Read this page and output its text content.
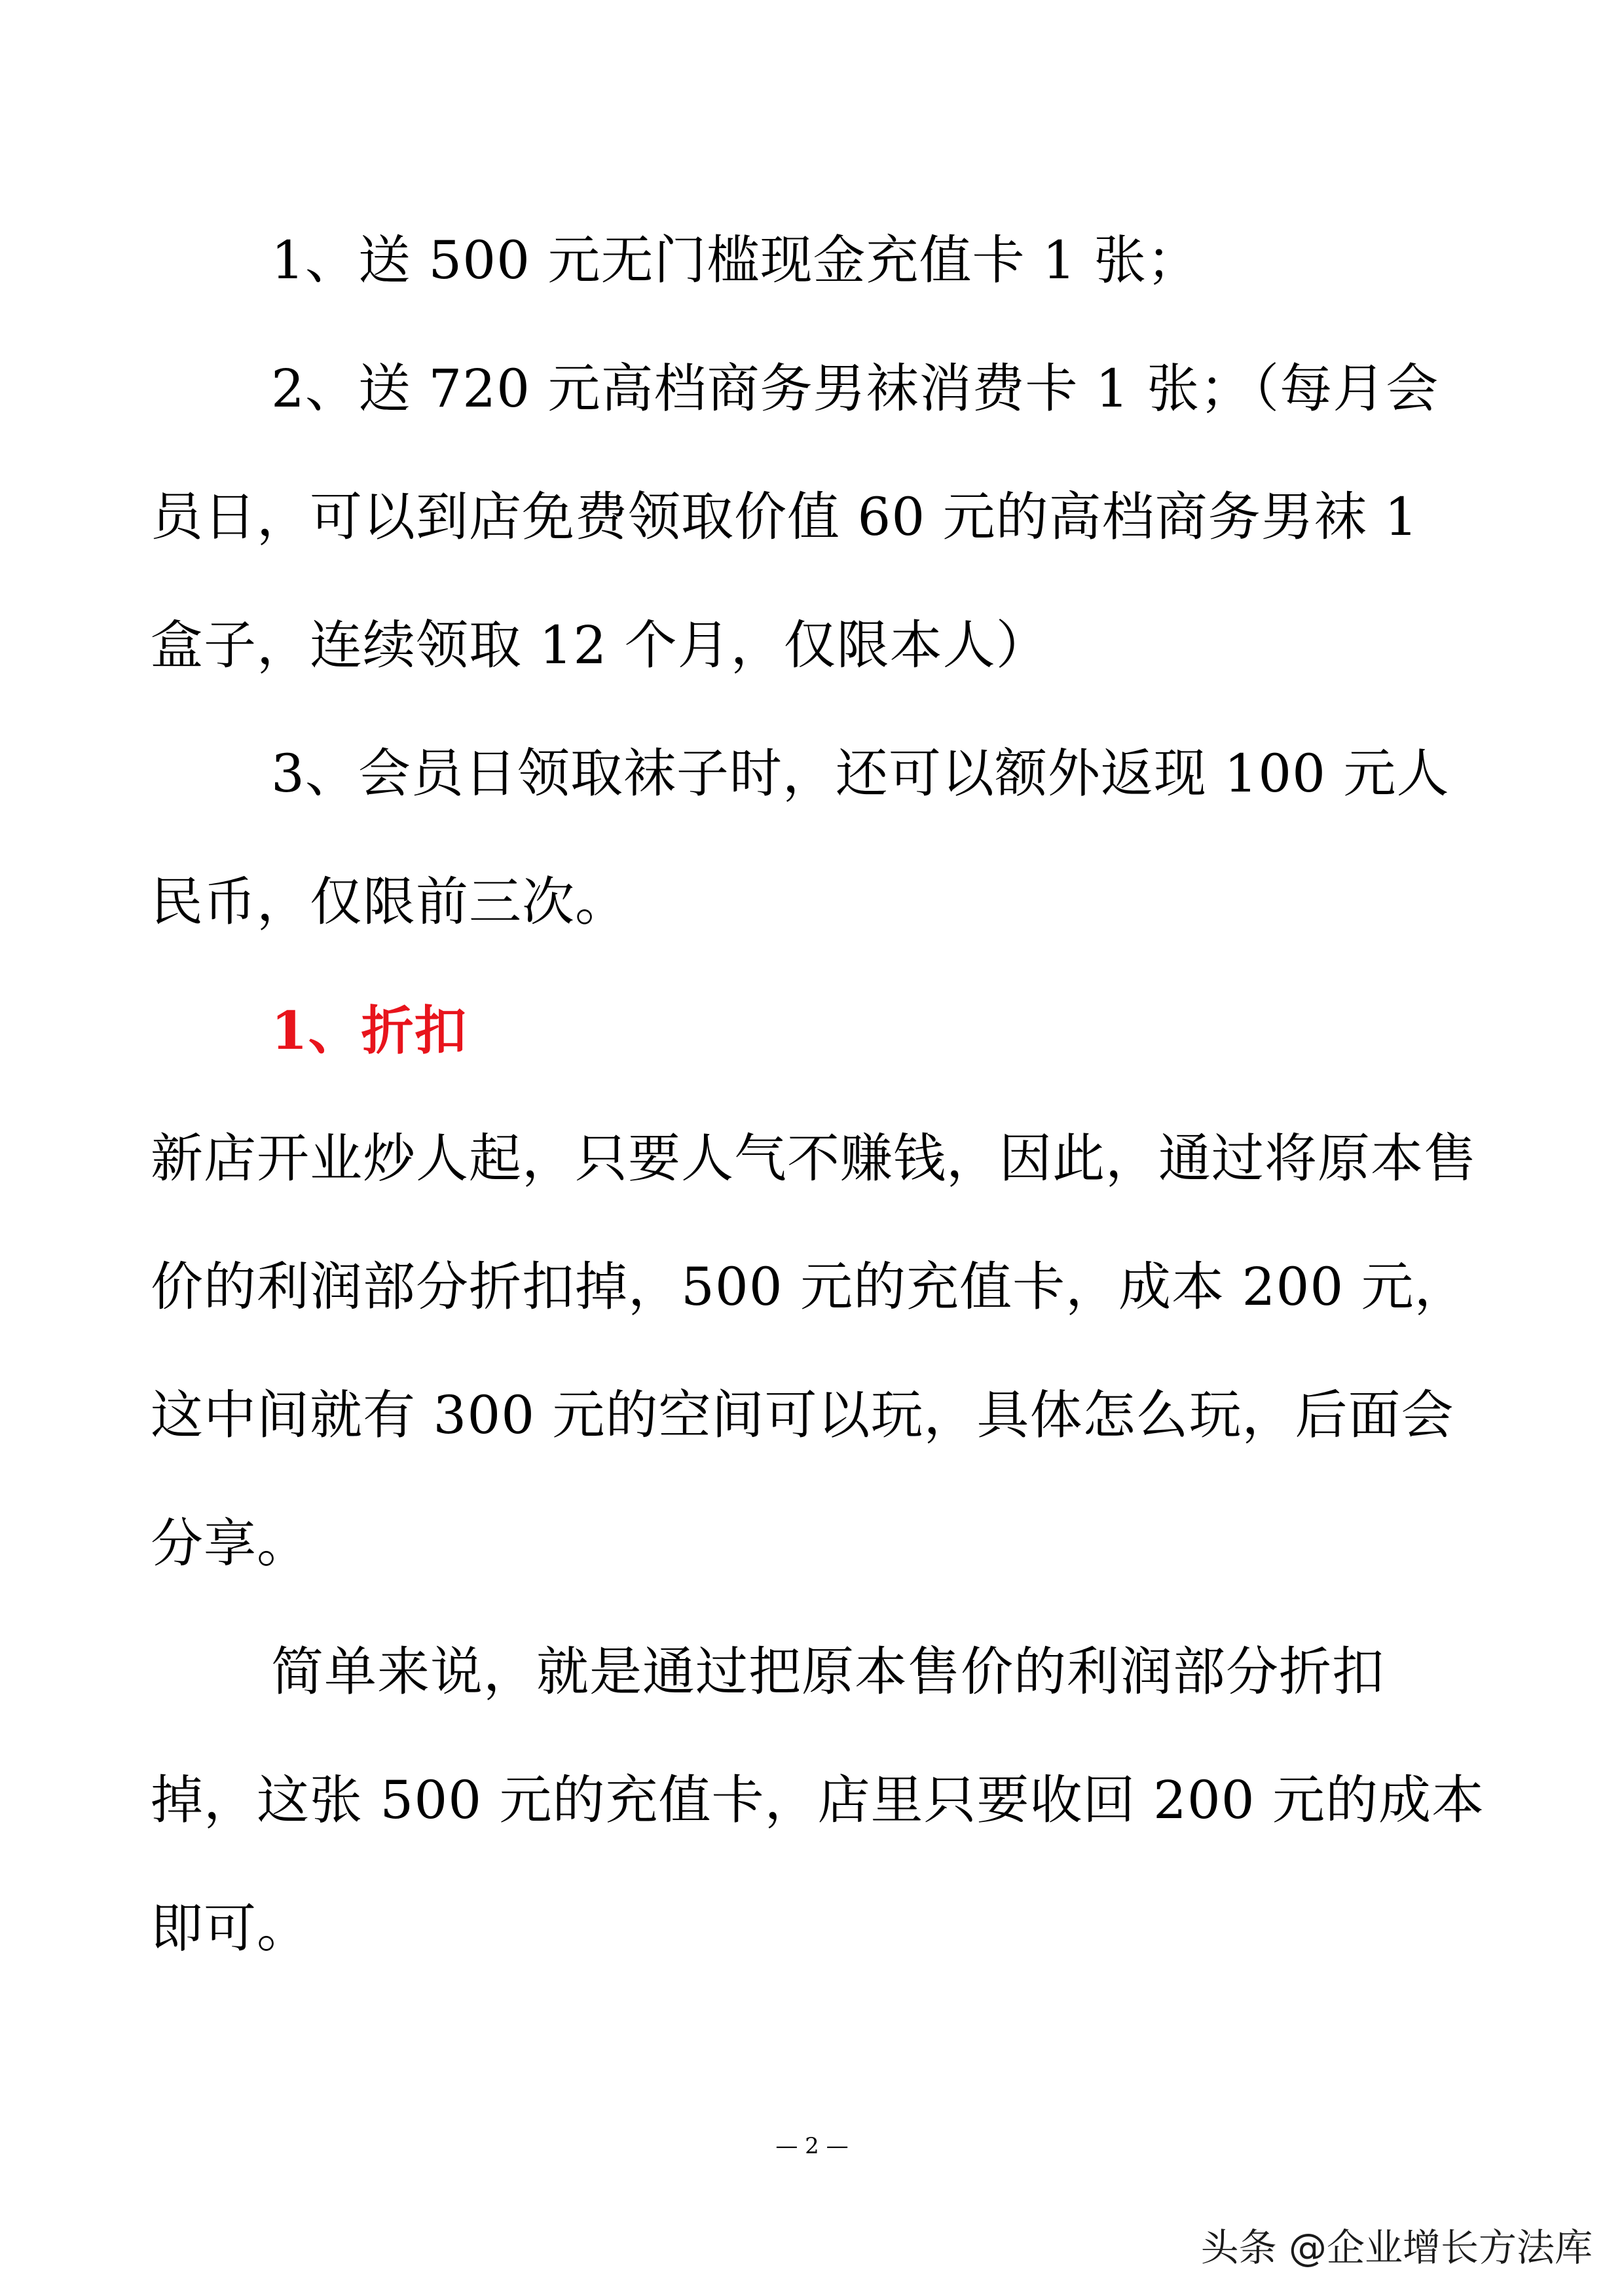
1、送 500 元无门槛现金充值卡 1 张；

2、送 720 元高档商务男袜消费卡 1 张；（每月会员日，可以到店免费领取价值 60 元的高档商务男袜 1 盒子，连续领取 12 个月，仅限本人）

3、会员日领取袜子时，还可以额外返现 100 元人民币，仅限前三次。

1、折扣

新店开业炒人起，只要人气不赚钱，因此，通过将原本售价的利润部分折扣掉，500 元的充值卡，成本 200 元，这中间就有 300 元的空间可以玩，具体怎么玩，后面会分享。

简单来说，就是通过把原本售价的利润部分折扣掉，这张 500 元的充值卡，店里只要收回 200 元的成本即可。

— 2 —
头条 @企业增长方法库
